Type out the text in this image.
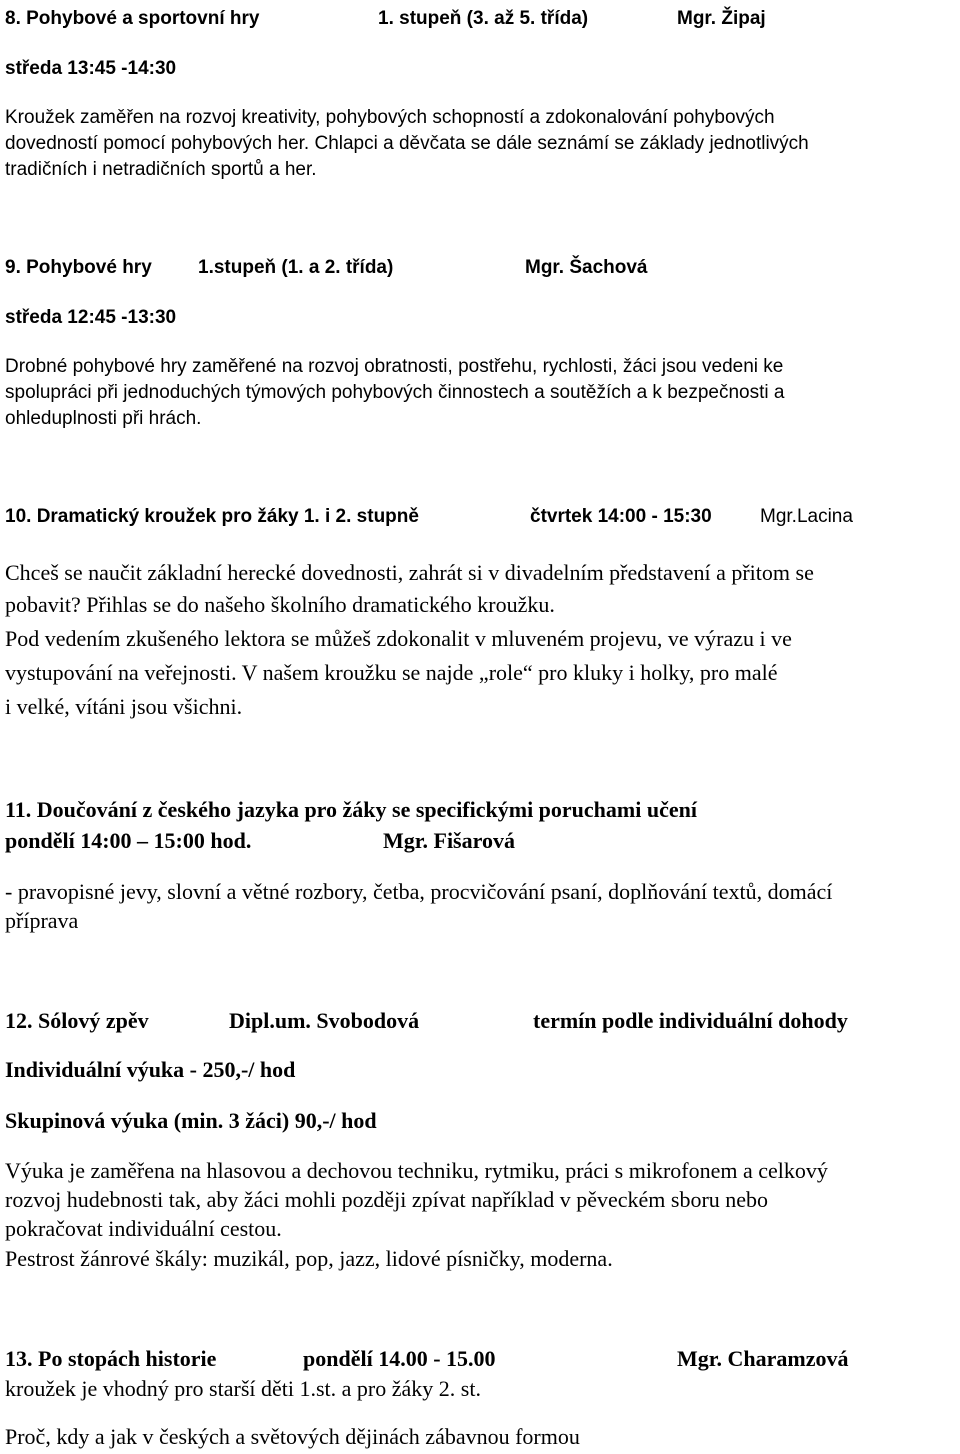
8. Pohybové a sportovní hry	1. stupeň (3. až 5. třída)	Mgr. Žipaj
středa 13:45 -14:30
Kroužek zaměřen na rozvoj kreativity, pohybových schopností a zdokonalování pohybových
dovedností pomocí pohybových her. Chlapci a děvčata se dále seznámí se základy jednotlivých
tradičních i netradičních sportů a her.
9. Pohybové hry 1.stupeň (1. a 2. třída)	Mgr. Šachová
středa 12:45 -13:30
Drobné pohybové hry zaměřené na rozvoj obratnosti, postřehu, rychlosti, žáci jsou vedeni ke
spolupráci při jednoduchých týmových pohybových činnostech a soutěžích a k bezpečnosti a
ohleduplnosti při hrách.
10. Dramatický kroužek pro žáky 1. i 2. stupně	čtvrtek 14:00 - 15:30	Mgr.Lacina
Chceš se naučit základní herecké dovednosti, zahrát si v divadelním představení a přitom se
pobavit? Přihlas se do našeho školního dramatického kroužku.
Pod vedením zkušeného lektora se můžeš zdokonalit v mluveném projevu, ve výrazu i ve
vystupování na veřejnosti. V našem kroužku se najde „role“ pro kluky i holky, pro malé
i velké, vítáni jsou všichni.
11. Doučování z českého jazyka pro žáky se specifickými poruchami učení
pondělí 14:00 – 15:00 hod.	Mgr. Fišarová
- pravopisné jevy, slovní a větné rozbory, četba, procvičování psaní, doplňování textů, domácí
příprava
12. Sólový zpěv	Dipl.um. Svobodová	termín podle individuální dohody
Individuální výuka - 250,-/ hod
Skupinová výuka (min. 3 žáci) 90,-/ hod
Výuka je zaměřena na hlasovou a dechovou techniku, rytmiku, práci s mikrofonem a celkový
rozvoj hudebnosti tak, aby žáci mohli později zpívat například v pěveckém sboru nebo
pokračovat individuální cestou.
Pestrost žánrové škály: muzikál, pop, jazz, lidové písničky, moderna.
13. Po stopách historie	pondělí 14.00 - 15.00	Mgr. Charamzová
kroužek je vhodný pro starší děti 1.st. a pro žáky 2. st.
Proč, kdy a jak v českých a světových dějinách zábavnou formou
